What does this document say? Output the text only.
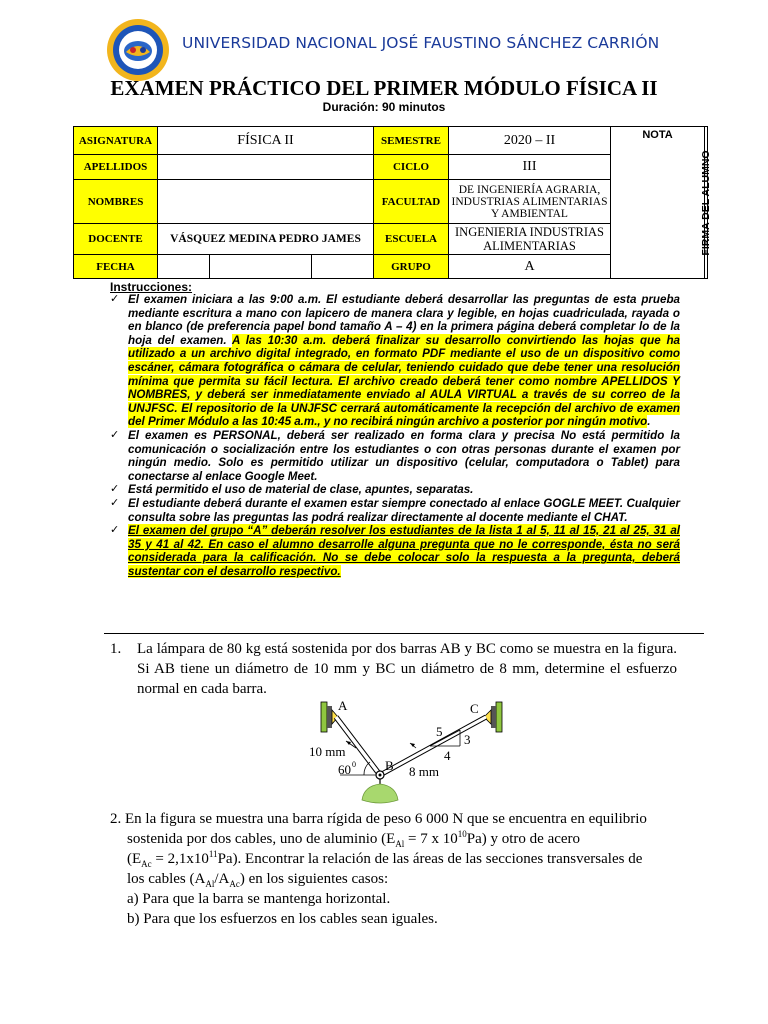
UNIVERSIDAD NACIONAL JOSÉ FAUSTINO SÁNCHEZ CARRIÓN
EXAMEN PRÁCTICO DEL PRIMER MÓDULO FÍSICA II
Duración: 90 minutos
ASIGNATURA	FÍSICA II			SEMESTRE	2020 – II	NOTA	FIRMA DEL ALUMNO

APELLIDOS				CICLO	III		
NOMBRES				FACULTAD	DE INGENIERÍA AGRARIA, INDUSTRIAS ALIMENTARIAS Y AMBIENTAL		
DOCENTE	VÁSQUEZ MEDINA PEDRO JAMES			ESCUELA	INGENIERIA INDUSTRIAS ALIMENTARIAS		
FECHA				GRUPO	A		
Instrucciones:
✓ El examen iniciara a las 9:00 a.m. El estudiante deberá desarrollar las preguntas de esta prueba mediante escritura a mano con lapicero de manera clara y legible, en hojas cuadriculada, rayada o en blanco (de preferencia papel bond tamaño A – 4) en la primera página deberá completar lo de la hoja del examen. A las 10:30 a.m. deberá finalizar su desarrollo convirtiendo las hojas que ha utilizado a un archivo digital integrado, en formato PDF mediante el uso de un dispositivo como escáner, cámara fotográfica o cámara de celular, teniendo cuidado que debe tener una resolución mínima que permita su fácil lectura. El archivo creado deberá tener como nombre APELLIDOS Y NOMBRES, y deberá ser inmediatamente enviado al AULA VIRTUAL a través de su correo de la UNJFSC. El repositorio de la UNJFSC cerrará automáticamente la recepción del archivo de examen del Primer Módulo a las 10:45 a.m., y no recibirá ningún archivo a posterior por ningún motivo.
✓ El examen es PERSONAL, deberá ser realizado en forma clara y precisa No está permitido la comunicación o socialización entre los estudiantes o con otras personas durante el examen por ningún medio. Solo es permitido utilizar un dispositivo (celular, computadora o Tablet) para conectarse al enlace Google Meet.
✓ Está permitido el uso de material de clase, apuntes, separatas.
✓ El estudiante deberá durante el examen estar siempre conectado al enlace GOGLE MEET. Cualquier consulta sobre las preguntas las podrá realizar directamente al docente mediante el CHAT.
✓ El examen del grupo “A” deberán resolver los estudiantes de la lista 1 al 5, 11 al 15, 21 al 25, 31 al 35 y 41 al 42. En caso el alumno desarrolle alguna pregunta que no le corresponde, ésta no será considerada para la calificación. No se debe colocar solo la respuesta a la pregunta, deberá sustentar con el desarrollo respectivo.
1.	La lámpara de 80 kg está sostenida por dos barras AB y BC como se muestra en la figura. Si AB tiene un diámetro de 10 mm y BC un diámetro de 8 mm, determine el esfuerzo normal en cada barra.
A
B
C
10 mm
8 mm
60 0
5
3
4
2. En la figura se muestra una barra rígida de peso 6 000 N que se encuentra en equilibrio
sostenida por dos cables, uno de aluminio ($E_{Al} = 7$ x $10^{10}Pa$) y otro de acero
$(E_{Ac} = 2,1x10^{11}Pa)$. Encontrar la relación de las áreas de las secciones transversales de
los cables $(A_{Al}/A_{Ac})$ en los siguientes casos:
a) Para que la barra se mantenga horizontal.
b) Para que los esfuerzos en los cables sean iguales.
